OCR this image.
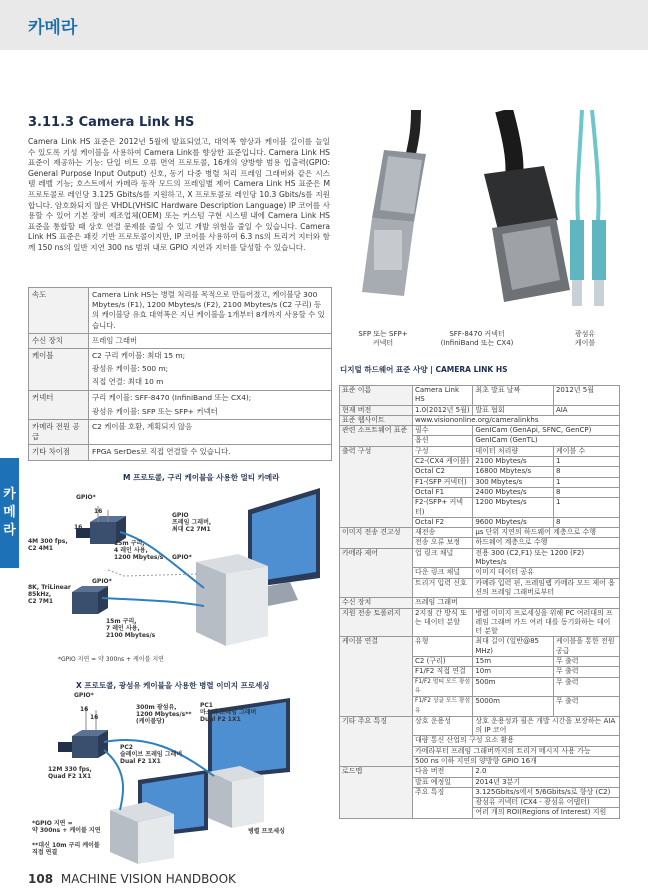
카메라
카
메
라
3.11.3 Camera Link HS
Camera Link HS 표준은 2012년 5월에 발표되었고, 대역폭 향상과 케이블 길이를 늘일 수 있도록 기성 케이블을 사용하여 Camera Link를 향상한 표준입니다. Camera Link HS 표준이 제공하는 기능: 단일 비트 오류 면역 프로토콜, 16개의 양방향 범용 입출력(GPIO: General Purpose Input Output) 신호, 동기 다중 병렬 처리 프레임 그래버와 같은 시스템 레벨 기능; 호스트에서 카메라 동작 모드의 프레임별 제어 Camera Link HS 표준은 M 프로토콜로 레인당 3.125 Gbits/s를 지원하고, X 프로토콜로 레인당 10.3 Gbits/s를 지원합니다. 암호화되지 않은 VHDL(VHSIC Hardware Description Language) IP 코어를 사용할 수 있어 기본 장비 제조업체(OEM) 또는 커스텀 구현 시스템 내에 Camera Link HS 표준을 통합할 때 상호 연결 문제를 줄일 수 있고 개발 위험을 줄일 수 있습니다. Camera Link HS 표준은 패킷 기반 프로토콜이지만, IP 코어를 사용하여 6.3 ns의 트리거 지터와 함께 150 ns의 일반 지연 300 ns 범위 내로 GPIO 지연과 지터를 달성할 수 있습니다.
속도	Camera Link HS는 병렬 처리를 목적으로 만들어졌고, 케이블당 300 Mbytes/s (F1), 1200 Mbytes/s (F2), 2100 Mbytes/s (C2 구리) 등의 케이블당 유효 대역폭은 지닌 케이블을 1개부터 8개까지 사용할 수 있습니다.
수신 장치	프레임 그래버
케이블	C2 구리 케이블: 최대 15 m;
광섬유 케이블: 500 m;
직접 연결: 최대 10 m

커넥터	구리 케이블: SFF-8470 (InfiniBand 또는 CX4);
광섬유 케이블: SFP 또는 SFP+ 커넥터

카메라 전원 공급	C2 케이블 호환, 계획되지 않음
기타 차이점	FPGA SerDes로 직접 연결할 수 있습니다.
M 프로토콜, 구리 케이블을 사용한 멀티 카메라
GPIO*
16
16
4M 300 fps,
C2 4M1
15m 구리,
4 레인 사용,
1200 Mbytes/s
GPIO
프레임 그래버,
최대 C2 7M1
GPIO*
GPIO*
8K, TriLinear
85kHz,
C2 7M1
15m 구리,
7 레인 사용,
2100 Mbytes/s
*GPIO 지연 = 약 300ns + 케이블 지연
X 프로토콜, 광섬유 케이블을 사용한 병렬 이미지 프로세싱
GPIO*
16
16
300m 광섬유,
1200 Mbytes/s**
(케이블당)
PC1
마스터 프레임 그래버
Dual F2 1X1
PC2
슬레이브 프레임 그래버
Dual F2 1X1
12M 330 fps,
Quad F2 1X1
병렬 프로세싱
*GPIO 지연 =
약 300ns + 케이블 지연
**대신 10m 구리 케이블
직접 연결
SFP 또는 SFP+
커넥터
SFF-8470 커넥터
(InfiniBand 또는 CX4)
광섬유
케이블
디지털 하드웨어 표준 사양 | CAMERA LINK HS
표준 이름	Camera Link HS	최초 발표 날짜	2012년 5월
현재 버전	1.0(2012년 5월)	발표 협회	AIA
표준 웹사이트	www.visiononline.org/cameralinkhs		
관련 소프트웨어 표준	필수	GenICam (GenApi, SFNC, GenCP)	
	옵션	GenICam (GenTL)	
출력 구성	구성	데이터 처리량	케이블 수
	C2-(CX4 케이블)	2100 Mbytes/s	1
	Octal C2	16800 Mbytes/s	8
	F1-(SFP 커넥터)	300 Mbytes/s	1
	Octal F1	2400 Mbytes/s	8
	F2-(SFP+ 커넥터)	1200 Mbytes/s	1
	Octal F2	9600 Mbytes/s	8
이미지 전송 견고성	재전송	μs 단위 지연의 하드웨어 계층으로 수행	
	전송 오류 보정	하드웨어 계층으로 수행	
카메라 제어	업 링크 채널	전용 300 (C2,F1) 또는 1200 (F2) Mbytes/s	
	다운 링크 채널	이미지 데이터 공유	
	트리거 입력 신호	카메라 입력 핀, 프레임랩 카메라 모드 제어 옵션의 프레임 그래버로부터	
수신 장치	프레임 그래버		
지원 전송 토폴러지	2지점 간 방식 또는 데이터 분할	병렬 이미지 프로세싱을 위해 PC 여러대의 프레임 그래버 카드 여러 대를 동기화하는 데이터 분할	
케이블 연결	유형	최대 길이 (일반@85 MHz)	케이블을 통한 전원 공급
	C2 (구리)	15m	무 출력
	F1/F2 직접 연결	10m	무 출력
	F1/F2 멀티 모드 광섬유	500m	무 출력
	F1/F2 싱글 모드 광섬유	5000m	무 출력
기타 주요 특징	상호 운용성	상호 운용성과 필은 개발 시간을 보장하는 AIA의 IP 코어	
	대량 통신 산업의 구성 요소 활용		
	카메라부터 프레임 그래버까지의 트리거 메시지 사용 가능		
	500 ns 이하 지연의 양방향 GPIO 16개		
로드맵	다음 버전	2.0	
	발표 예정일	2014년 3분기	
	주요 특징	3.125Gbits/s에서 5/6Gbits/s로 향상 (C2)	
		광섬유 커넥터 (CX4 - 광섬유 어댑터)	
		여러 개의 ROI(Regions of Interest) 지원	
108 MACHINE VISION HANDBOOK
